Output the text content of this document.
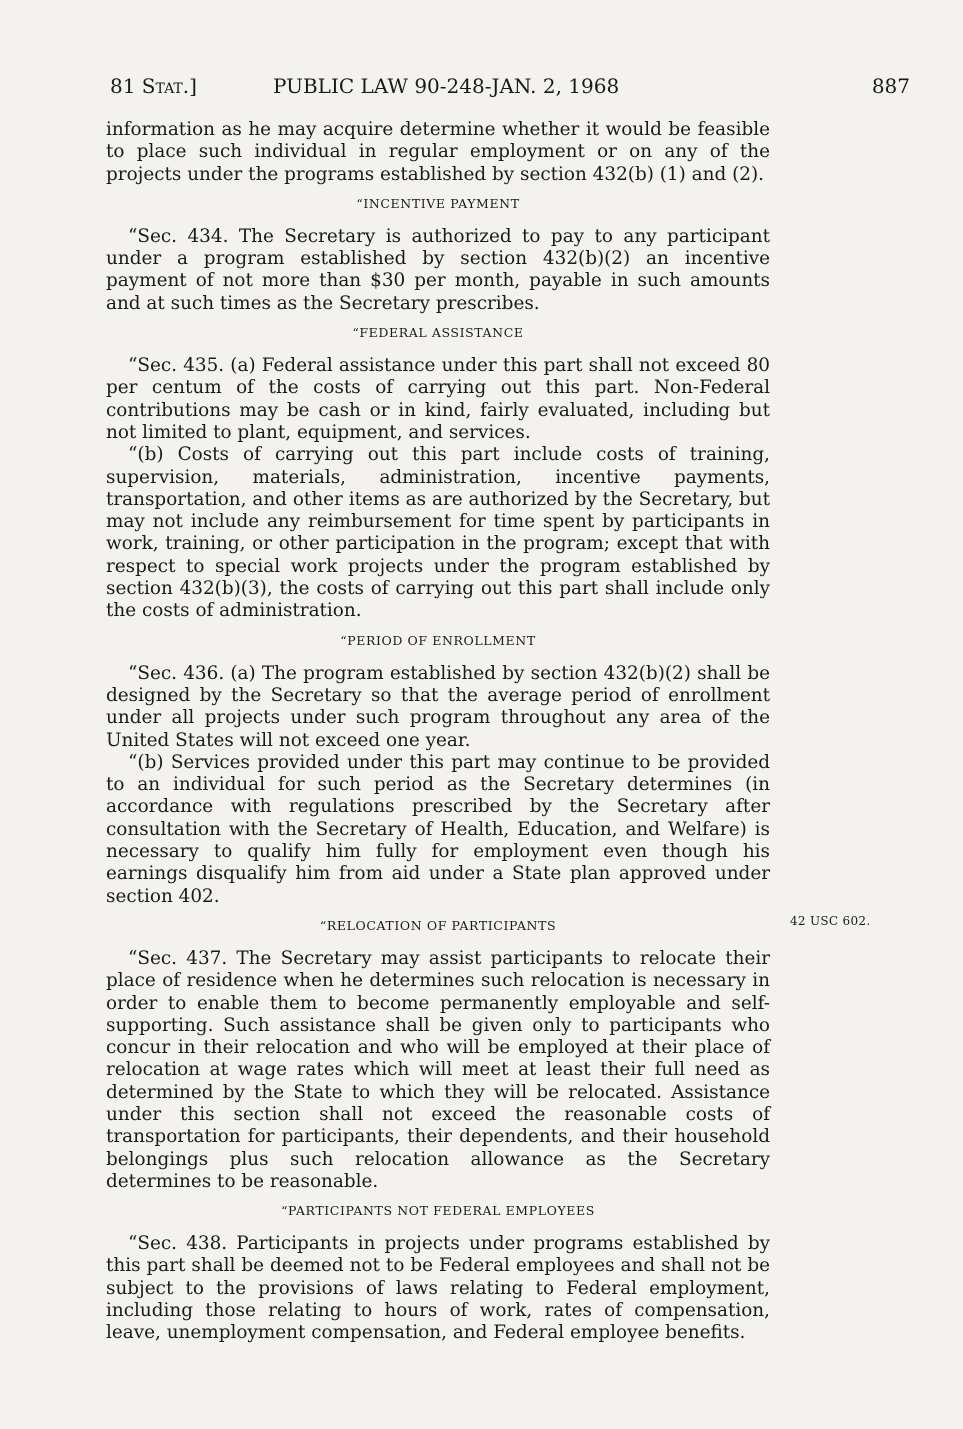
81 Stat.]	PUBLIC LAW 90-248-JAN. 2, 1968	887

information as he may acquire determine whether it would be feasible to place such individual in regular employment or on any of the projects under the programs established by section 432(b) (1) and (2).

“INCENTIVE PAYMENT

“Sec. 434. The Secretary is authorized to pay to any participant under a program established by section 432(b)(2) an incentive payment of not more than $30 per month, payable in such amounts and at such times as the Secretary prescribes.

“FEDERAL ASSISTANCE

“Sec. 435. (a) Federal assistance under this part shall not exceed 80 per centum of the costs of carrying out this part. Non-Federal contributions may be cash or in kind, fairly evaluated, including but not limited to plant, equipment, and services.

“(b) Costs of carrying out this part include costs of training, supervision, materials, administration, incentive payments, transportation, and other items as are authorized by the Secretary, but may not include any reimbursement for time spent by participants in work, training, or other participation in the program; except that with respect to special work projects under the program established by section 432(b)(3), the costs of carrying out this part shall include only the costs of administration.

“PERIOD OF ENROLLMENT

“Sec. 436. (a) The program established by section 432(b)(2) shall be designed by the Secretary so that the average period of enrollment under all projects under such program throughout any area of the United States will not exceed one year.

“(b) Services provided under this part may continue to be provided to an individual for such period as the Secretary determines (in accordance with regulations prescribed by the Secretary after consultation with the Secretary of Health, Education, and Welfare) is necessary to qualify him fully for employment even though his earnings disqualify him from aid under a State plan approved under section 402.

“RELOCATION OF PARTICIPANTS

“Sec. 437. The Secretary may assist participants to relocate their place of residence when he determines such relocation is necessary in order to enable them to become permanently employable and self-supporting. Such assistance shall be given only to participants who concur in their relocation and who will be employed at their place of relocation at wage rates which will meet at least their full need as determined by the State to which they will be relocated. Assistance under this section shall not exceed the reasonable costs of transportation for participants, their dependents, and their household belongings plus such relocation allowance as the Secretary determines to be reasonable.

“PARTICIPANTS NOT FEDERAL EMPLOYEES

“Sec. 438. Participants in projects under programs established by this part shall be deemed not to be Federal employees and shall not be subject to the provisions of laws relating to Federal employment, including those relating to hours of work, rates of compensation, leave, unemployment compensation, and Federal employee benefits.

42 USC 602.
